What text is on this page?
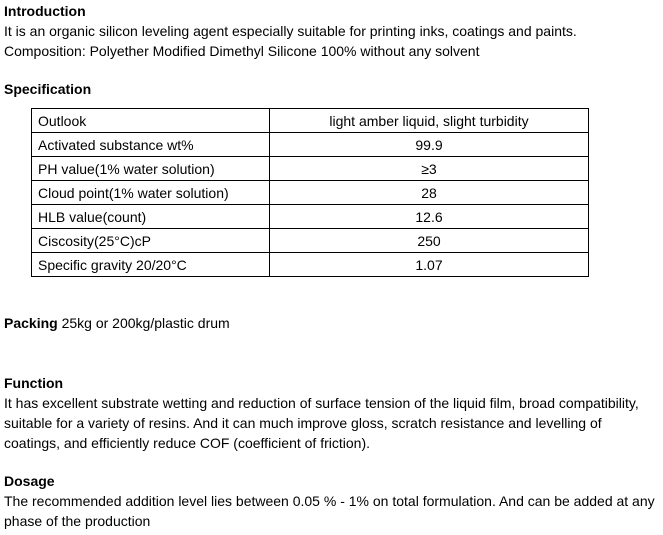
Introduction
It is an organic silicon leveling agent especially suitable for printing inks, coatings and paints.
Composition: Polyether Modified Dimethyl Silicone 100% without any solvent
Specification
Outlook	light amber liquid, slight turbidity
Activated substance wt%	99.9
PH value(1% water solution)	≥3
Cloud point(1% water solution)	28
HLB value(count)	12.6
Ciscosity(25°C)cP	250
Specific gravity 20/20°C	1.07
Packing 25kg or 200kg/plastic drum
Function
It has excellent substrate wetting and reduction of surface tension of the liquid film, broad compatibility, suitable for a variety of resins. And it can much improve gloss, scratch resistance and levelling of coatings, and efficiently reduce COF (coefficient of friction).
Dosage
The recommended addition level lies between 0.05 % - 1% on total formulation. And can be added at any phase of the production
